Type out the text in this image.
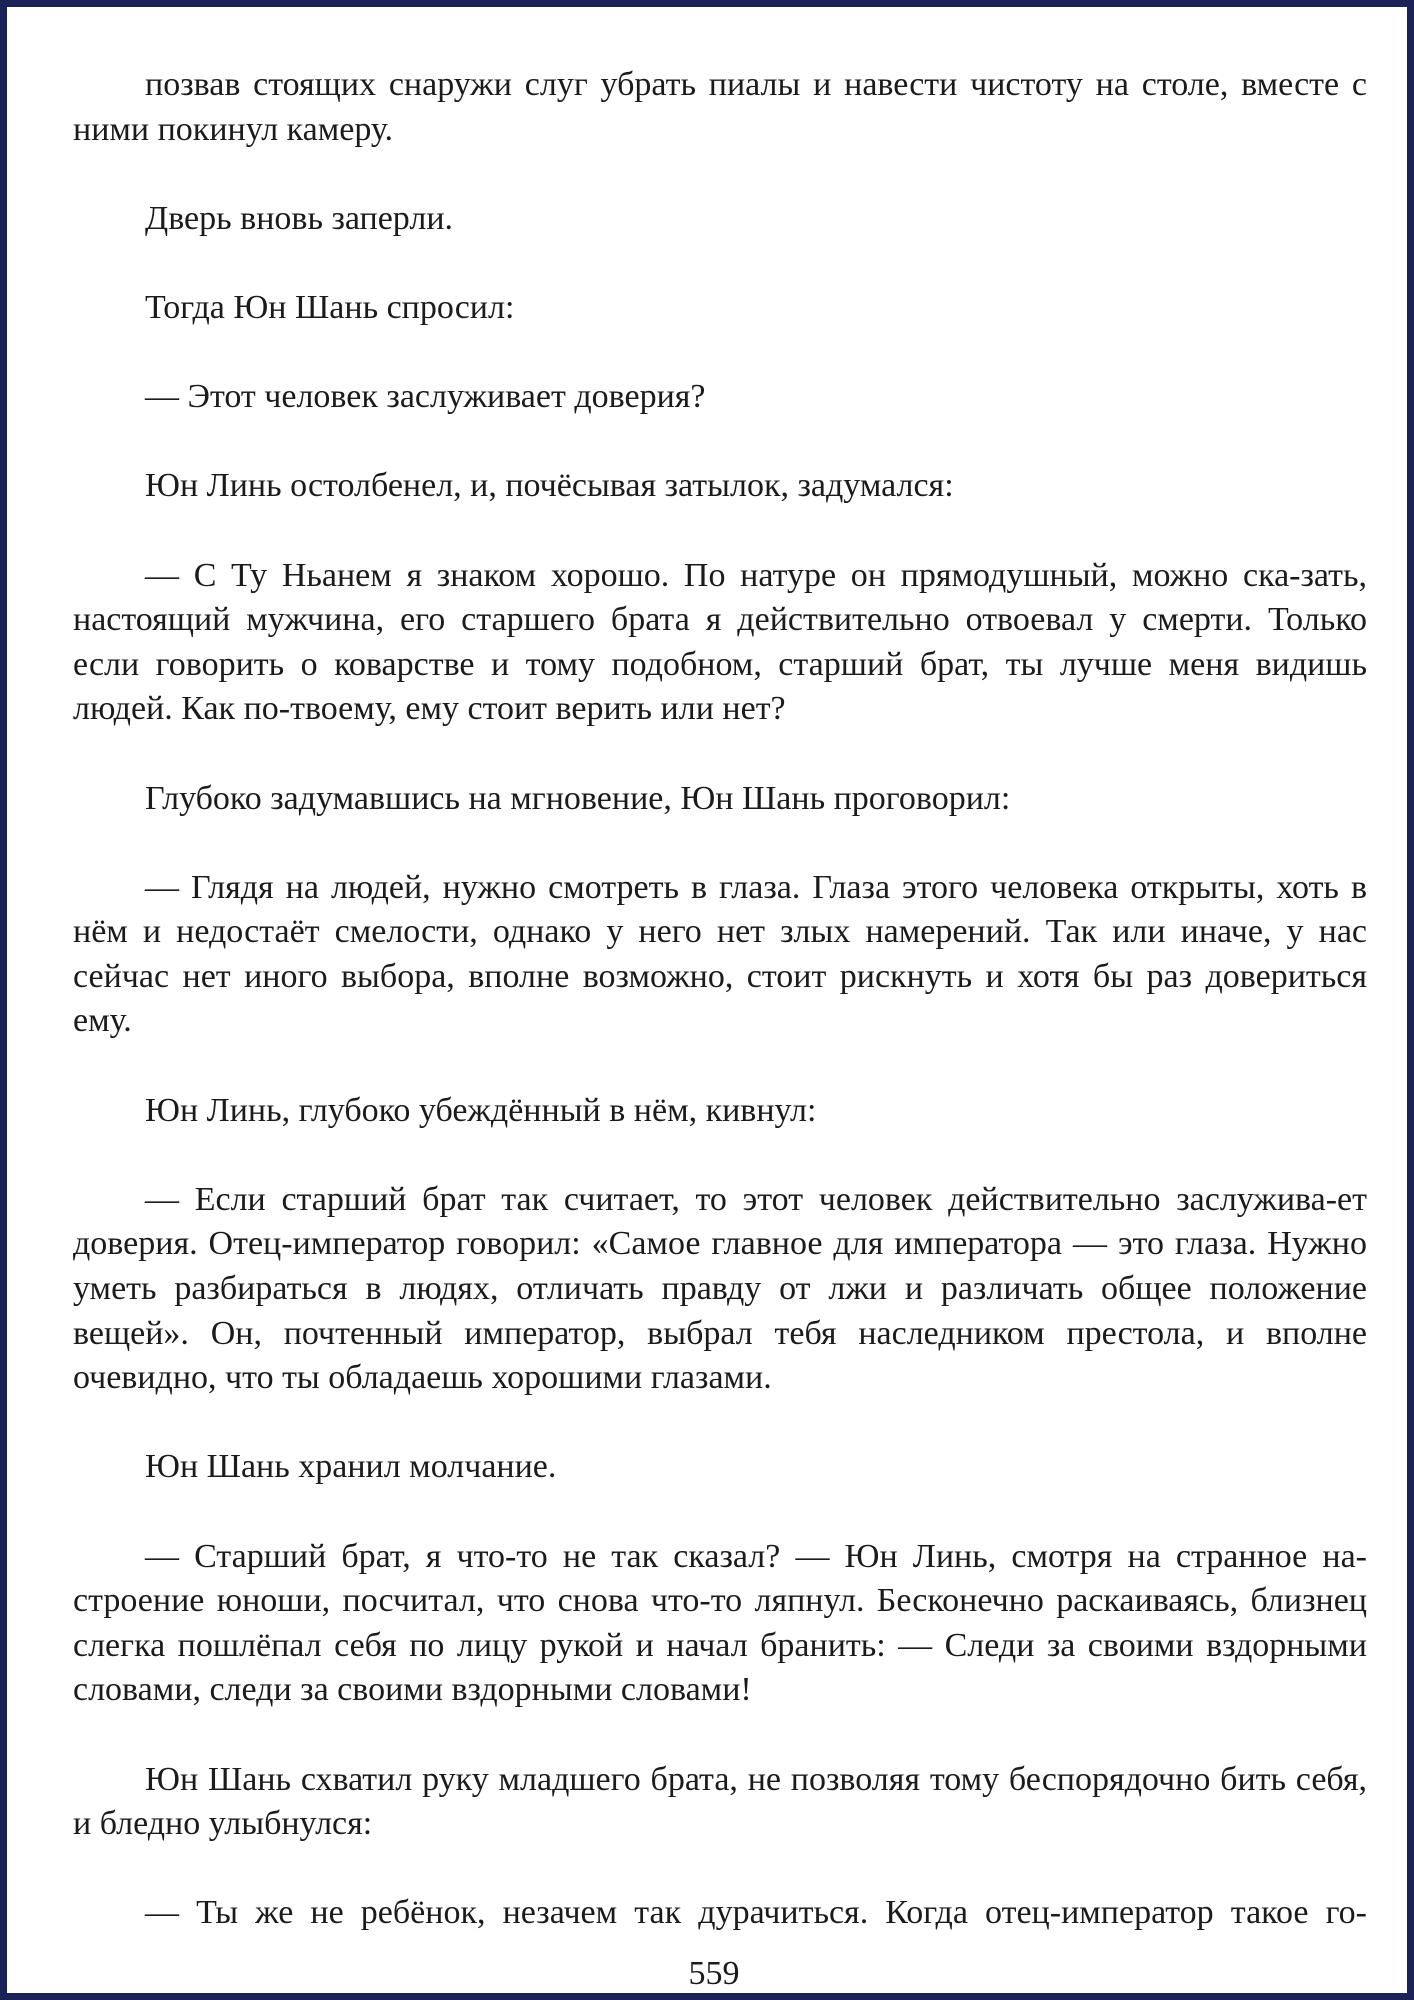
позвав стоящих снаружи слуг убрать пиалы и навести чистоту на столе, вместе с ними покинул камеру.

Дверь вновь заперли.

Тогда Юн Шань спросил:

— Этот человек заслуживает доверия?

Юн Линь остолбенел, и, почёсывая затылок, задумался:

— С Ту Ньанем я знаком хорошо. По натуре он прямодушный, можно ска-зать, настоящий мужчина, его старшего брата я действительно отвоевал у смерти. Только если говорить о коварстве и тому подобном, старший брат, ты лучше меня видишь людей. Как по-твоему, ему стоит верить или нет?

Глубоко задумавшись на мгновение, Юн Шань проговорил:

— Глядя на людей, нужно смотреть в глаза. Глаза этого человека открыты, хоть в нём и недостаёт смелости, однако у него нет злых намерений. Так или иначе, у нас сейчас нет иного выбора, вполне возможно, стоит рискнуть и хотя бы раз довериться ему.

Юн Линь, глубоко убеждённый в нём, кивнул:

— Если старший брат так считает, то этот человек действительно заслужива-ет доверия. Отец-император говорил: «Самое главное для императора — это глаза. Нужно уметь разбираться в людях, отличать правду от лжи и различать общее положение вещей». Он, почтенный император, выбрал тебя наследником престола, и вполне очевидно, что ты обладаешь хорошими глазами.

Юн Шань хранил молчание.

— Старший брат, я что-то не так сказал? — Юн Линь, смотря на странное на-строение юноши, посчитал, что снова что-то ляпнул. Бесконечно раскаиваясь, близнец слегка пошлёпал себя по лицу рукой и начал бранить: — Следи за своими вздорными словами, следи за своими вздорными словами!

Юн Шань схватил руку младшего брата, не позволяя тому беспорядочно бить себя, и бледно улыбнулся:

— Ты же не ребёнок, незачем так дурачиться. Когда отец-император такое го-

559
